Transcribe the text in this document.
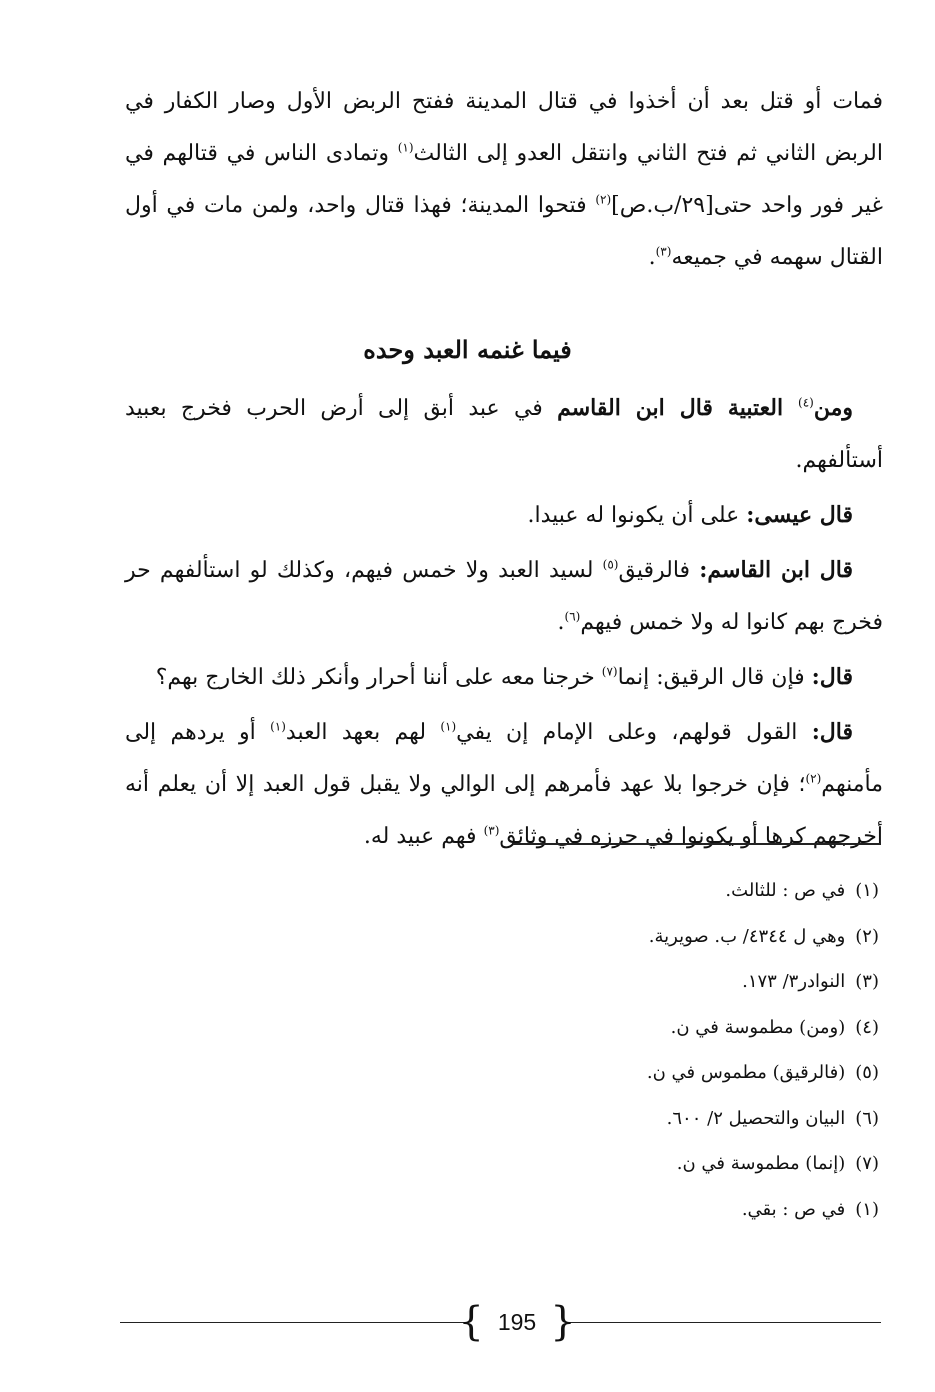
فمات أو قتل بعد أن أخذوا في قتال المدينة ففتح الربض الأول وصار الكفار في الربض الثاني ثم فتح الثاني وانتقل العدو إلى الثالث$^{(١)}$ وتمادى الناس في قتالهم في غير فور واحد حتى[٢٩/ب.ص]$^{(٢)}$ فتحوا المدينة؛ فهذا قتال واحد، ولمن مات في أول القتال سهمه في جميعه$^{(٣)}$.
فيما غنمه العبد وحده
ومن$^{(٤)}$ العتبية قال ابن القاسم في عبد أبق إلى أرض الحرب فخرج بعبيد أستألفهم.
قال عيسى: على أن يكونوا له عبيدا.
قال ابن القاسم: فالرقيق$^{(٥)}$ لسيد العبد ولا خمس فيهم، وكذلك لو استألفهم حر فخرج بهم كانوا له ولا خمس فيهم$^{(٦)}$.
قال: فإن قال الرقيق: إنما$^{(٧)}$ خرجنا معه على أننا أحرار وأنكر ذلك الخارج بهم؟
قال: القول قولهم، وعلى الإمام إن يفي$^{(١)}$ لهم بعهد العبد$^{(١)}$ أو يردهم إلى مأمنهم$^{(٢)}$؛ فإن خرجوا بلا عهد فأمرهم إلى الوالي ولا يقبل قول العبد إلا أن يعلم أنه أخرجهم كرها أو يكونوا في حرزه في وثائق$^{(٣)}$ فهم عبيد له.
(١) في ص : للثالث.
(٢) وهي ل ٤٣٤٤/ ب. صويرية.
(٣) النوادر٣/ ١٧٣.
(٤) (ومن) مطموسة في ن.
(٥) (فالرقيق) مطموس في ن.
(٦) البيان والتحصيل ٢/ ٦٠٠.
(٧) (إنما) مطموسة في ن.
(١) في ص : بقي.
{ 195 }
